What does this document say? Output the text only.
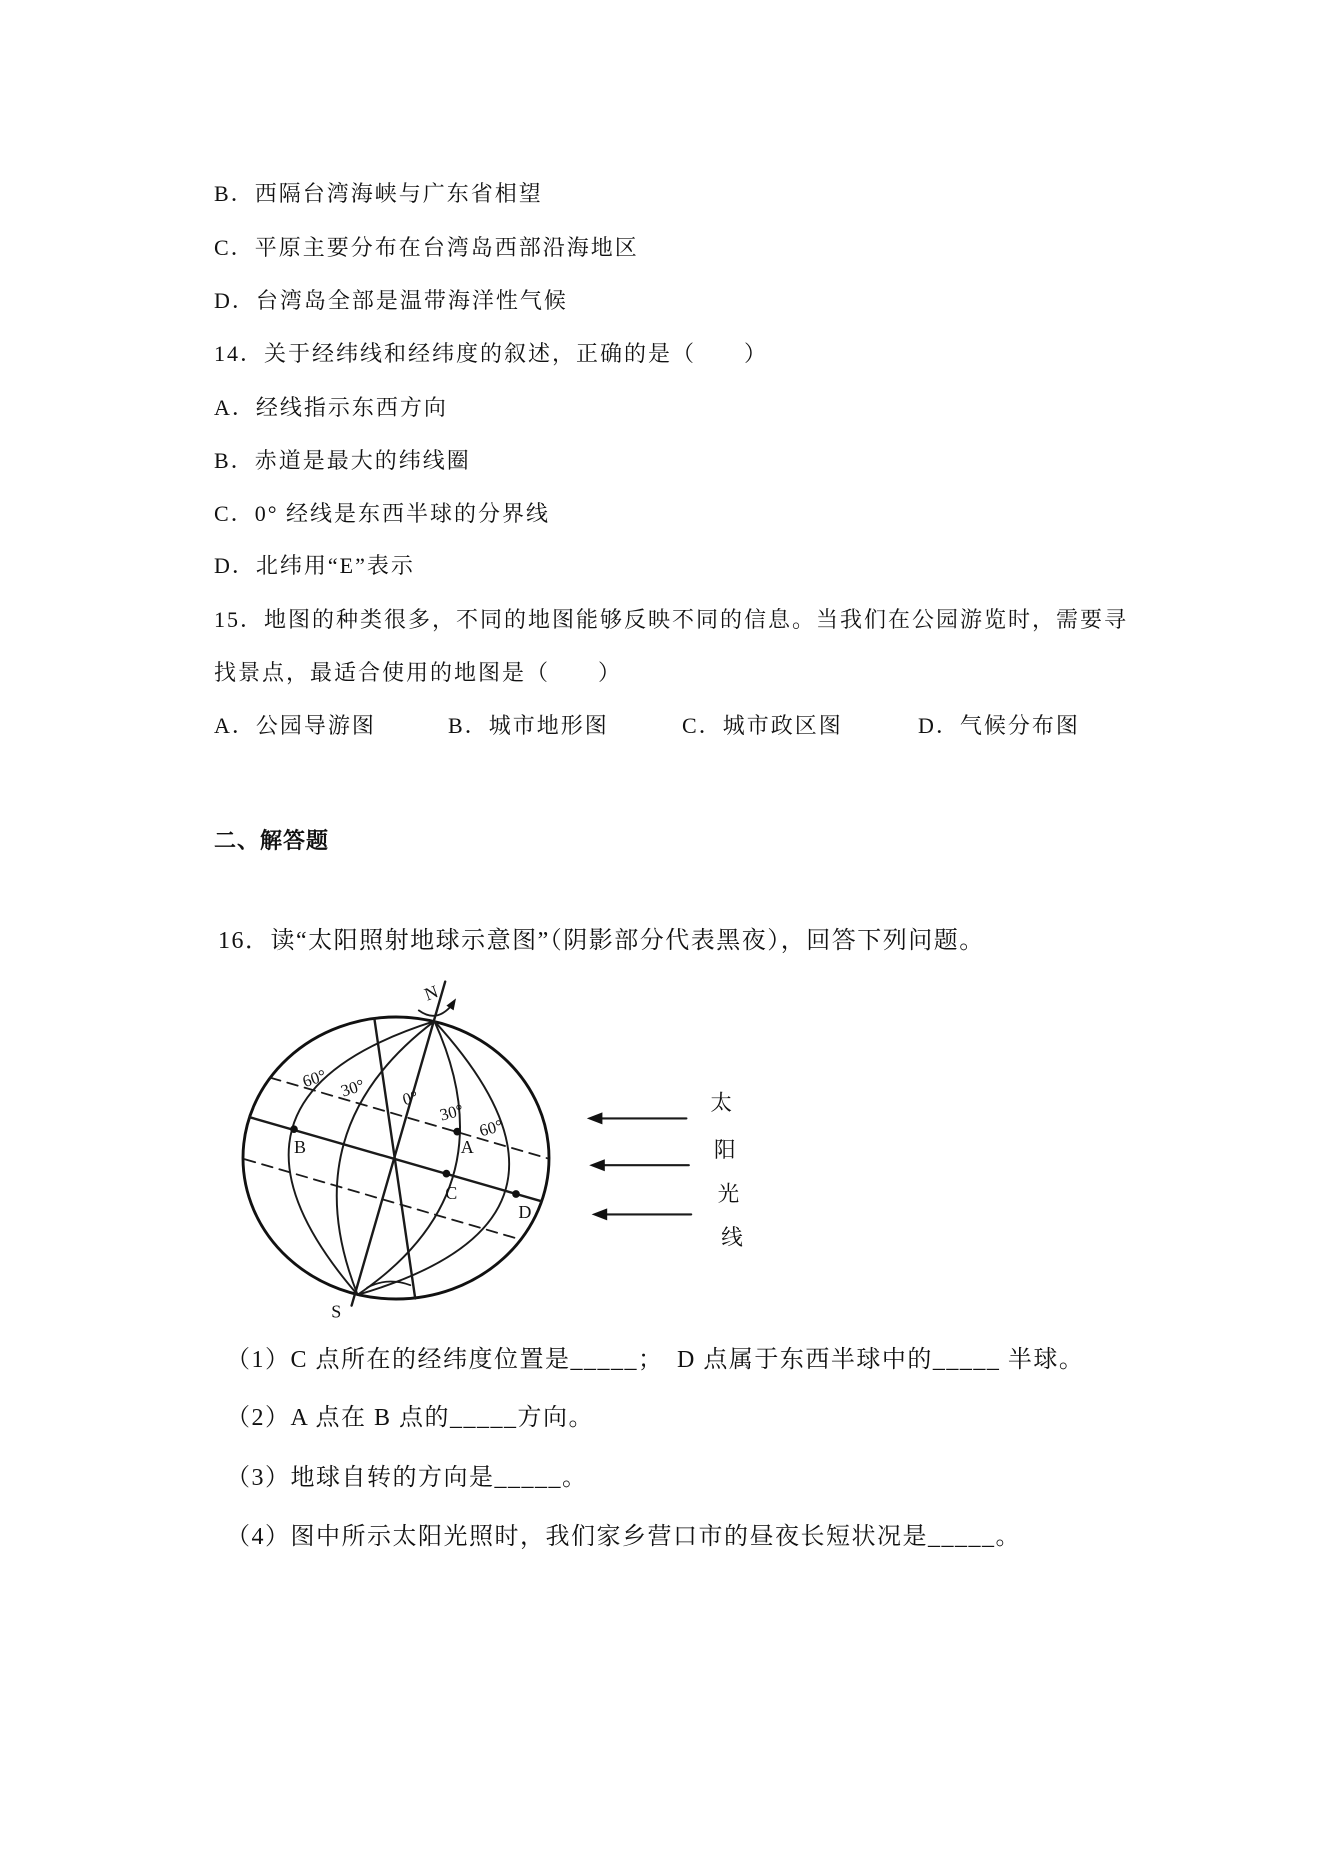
B．西隔台湾海峡与广东省相望
C．平原主要分布在台湾岛西部沿海地区
D．台湾岛全部是温带海洋性气候
14．关于经纬线和经纬度的叙述，正确的是（　　）
A．经线指示东西方向
B．赤道是最大的纬线圈
C．0° 经线是东西半球的分界线
D．北纬用“E”表示
15．地图的种类很多，不同的地图能够反映不同的信息。当我们在公园游览时，需要寻
找景点，最适合使用的地图是（　　）
A．公园导游图	B．城市地形图	C．城市政区图	D．气候分布图
二、解答题
16．读“太阳照射地球示意图”（阴影部分代表黑夜），回答下列问题。
A
B
C
D
N
S
60° 30° 0°
30°
60°
太
阳
光
线
（1）C 点所在的经纬度位置是_____；　D 点属于东西半球中的_____ 半球。
（2）A 点在 B 点的_____方向。
（3）地球自转的方向是_____。
（4）图中所示太阳光照时，我们家乡营口市的昼夜长短状况是_____。
